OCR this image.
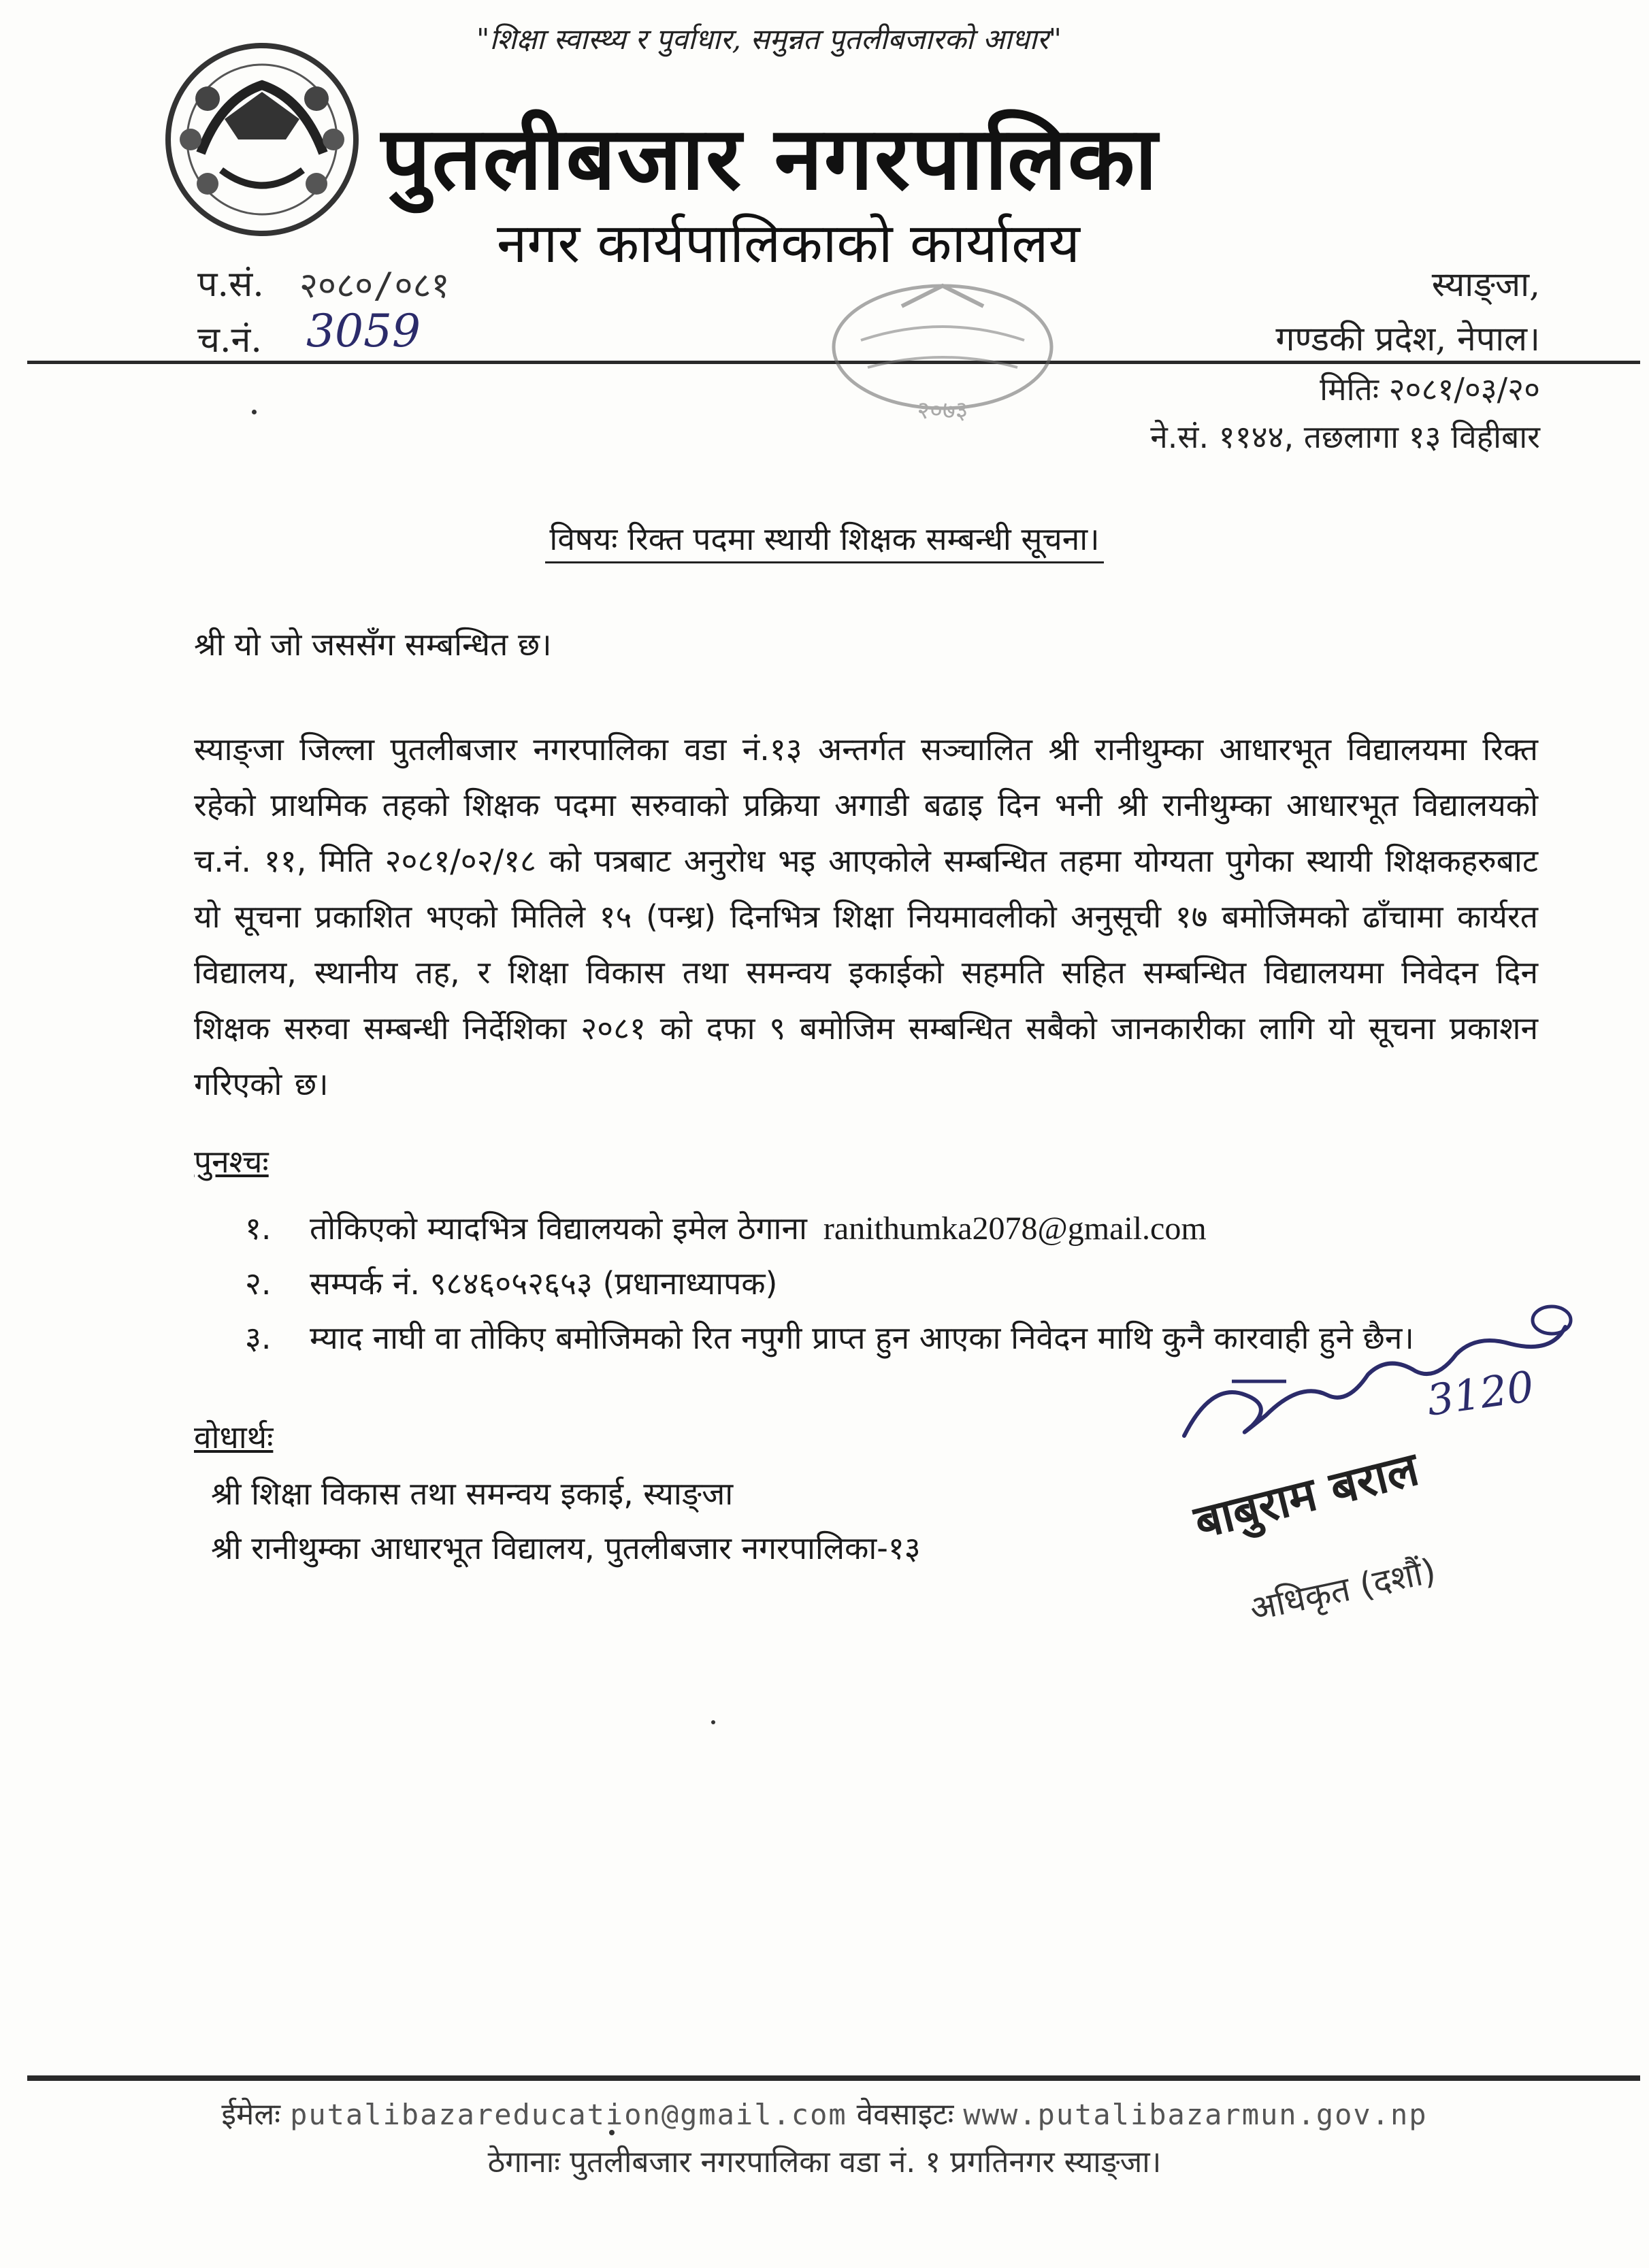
"शिक्षा स्वास्थ्य र पुर्वाधार, समुन्नत पुतलीबजारको आधार"
पुतलीबजार नगरपालिका
नगर कार्यपालिकाको कार्यालय
प.सं. २०८०/०८१
च.नं. 3059
स्याङ्जा,
गण्डकी प्रदेश, नेपाल।
मितिः २०८१/०३/२०
ने.सं. ११४४, तछलागा १३ विहीबार
२०७३
विषयः रिक्त पदमा स्थायी शिक्षक सम्बन्धी सूचना।
श्री यो जो जससँग सम्बन्धित छ।
स्याङ्जा जिल्ला पुतलीबजार नगरपालिका वडा नं.१३ अन्तर्गत सञ्चालित श्री रानीथुम्का आधारभूत विद्यालयमा रिक्त रहेको प्राथमिक तहको शिक्षक पदमा सरुवाको प्रक्रिया अगाडी बढाइ दिन भनी श्री रानीथुम्का आधारभूत विद्यालयको च.नं. ११, मिति २०८१/०२/१८ को पत्रबाट अनुरोध भइ आएकोले सम्बन्धित तहमा योग्यता पुगेका स्थायी शिक्षकहरुबाट यो सूचना प्रकाशित भएको मितिले १५ (पन्ध्र) दिनभित्र शिक्षा नियमावलीको अनुसूची १७ बमोजिमको ढाँचामा कार्यरत विद्यालय, स्थानीय तह, र शिक्षा विकास तथा समन्वय इकाईको सहमति सहित सम्बन्धित विद्यालयमा निवेदन दिन शिक्षक सरुवा सम्बन्धी निर्देशिका २०८१ को दफा ९ बमोजिम सम्बन्धित सबैको जानकारीका लागि यो सूचना प्रकाशन गरिएको छ।
पुनश्चः
१. तोकिएको म्यादभित्र विद्यालयको इमेल ठेगाना ranithumka2078@gmail.com
२. सम्पर्क नं. ९८४६०५२६५३ (प्रधानाध्यापक)
३. म्याद नाघी वा तोकिए बमोजिमको रित नपुगी प्राप्त हुन आएका निवेदन माथि कुनै कारवाही हुने छैन।
वोधार्थः
श्री शिक्षा विकास तथा समन्वय इकाई, स्याङ्जा
श्री रानीथुम्का आधारभूत विद्यालय, पुतलीबजार नगरपालिका-१३
3120
बाबुराम बराल
अधिकृत (दशौं)
ईमेलः putalibazareducation@gmail.com वेवसाइटः www.putalibazarmun.gov.np
ठेगानाः पुतलीबजार नगरपालिका वडा नं. १ प्रगतिनगर स्याङ्जा।
